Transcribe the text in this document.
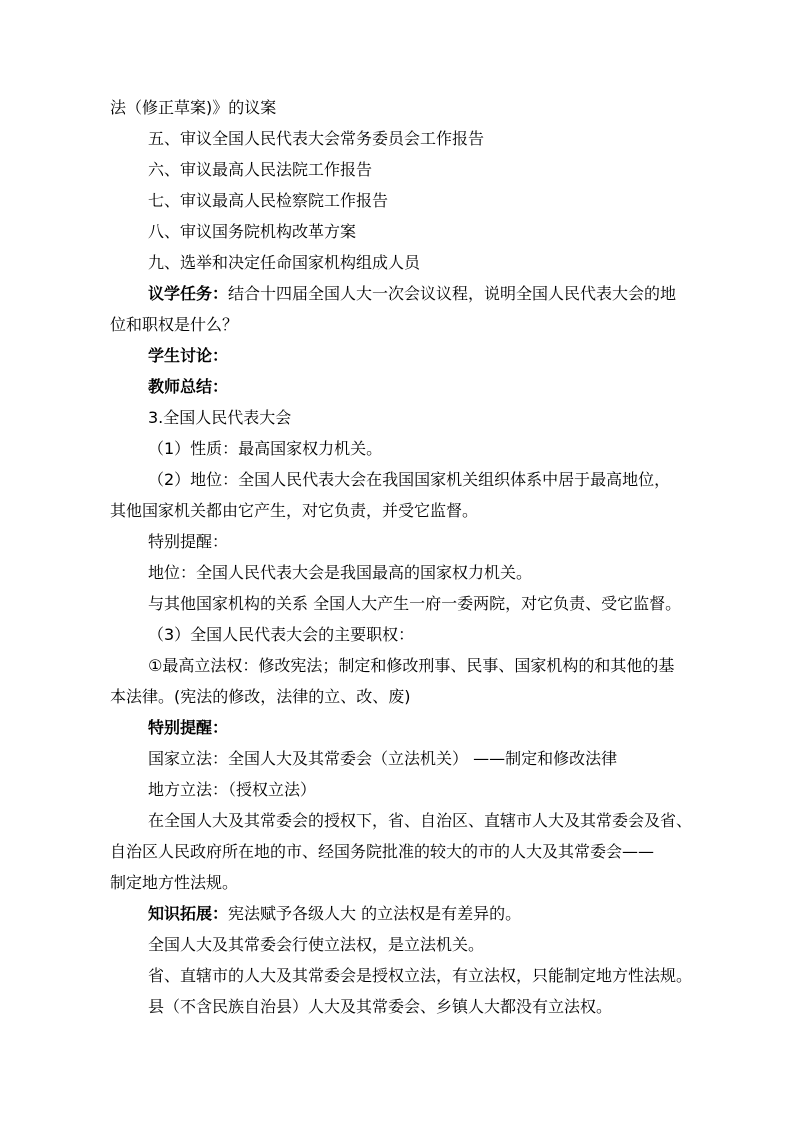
法（修正草案)》的议案
五、审议全国人民代表大会常务委员会工作报告
六、审议最高人民法院工作报告
七、审议最高人民检察院工作报告
八、审议国务院机构改革方案
九、选举和决定任命国家机构组成人员
议学任务：结合十四届全国人大一次会议议程，说明全国人民代表大会的地
位和职权是什么？
学生讨论：
教师总结：
3.全国人民代表大会
（1）性质：最高国家权力机关。
（2）地位：全国人民代表大会在我国国家机关组织体系中居于最高地位，
其他国家机关都由它产生，对它负责，并受它监督。
特别提醒：
地位：全国人民代表大会是我国最高的国家权力机关。
与其他国家机构的关系 全国人大产生一府一委两院，对它负责、受它监督。
（3）全国人民代表大会的主要职权：
①最高立法权：修改宪法；制定和修改刑事、民事、国家机构的和其他的基
本法律。(宪法的修改，法律的立、改、废)
特别提醒：
国家立法：全国人大及其常委会（立法机关） ——制定和修改法律
地方立法：（授权立法）
在全国人大及其常委会的授权下，省、自治区、直辖市人大及其常委会及省、
自治区人民政府所在地的市、经国务院批准的较大的市的人大及其常委会——
制定地方性法规。
知识拓展：宪法赋予各级人大 的立法权是有差异的。
全国人大及其常委会行使立法权，是立法机关。
省、直辖市的人大及其常委会是授权立法，有立法权，只能制定地方性法规。
县（不含民族自治县）人大及其常委会、乡镇人大都没有立法权。
